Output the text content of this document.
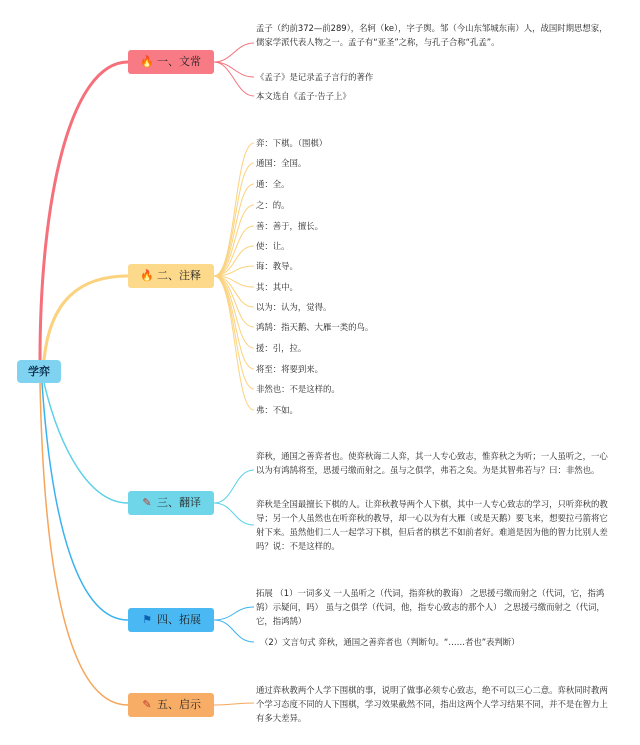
学弈
🔥 一、文常
🔥 二、注释
✎ 三、翻译
⚑ 四、拓展
✎ 五、启示
孟子（约前372—前289），名轲（ke），字子舆。邹（今山东邹城东南）人，战国时期思想家，儒家学派代表人物之一。孟子有“亚圣”之称，与孔子合称“孔孟”。
《孟子》是记录孟子言行的著作
本文选自《孟子·告子上》
弈：下棋。（围棋）
通国：全国。
通：全。
之：的。
善：善于，擅长。
使：让。
诲：教导。
其：其中。
以为：认为，觉得。
鸿鹄：指天鹅、大雁一类的鸟。
援：引，拉。
将至：将要到来。
非然也：不是这样的。
弗：不如。
弈秋，通国之善弈者也。使弈秋诲二人弈，其一人专心致志，惟弈秋之为听；一人虽听之，一心以为有鸿鹄将至，思援弓缴而射之。虽与之俱学，弗若之矣。为是其智弗若与？曰：非然也。
弈秋是全国最擅长下棋的人。让弈秋教导两个人下棋，其中一人专心致志的学习，只听弈秋的教导；另一个人虽然也在听弈秋的教导，却一心以为有大雁（或是天鹅）要飞来，想要拉弓箭将它射下来。虽然他们二人一起学习下棋，但后者的棋艺不如前者好。难道是因为他的智力比别人差吗？说：不是这样的。
拓展 （1）一词多义 一人虽听之（代词，指弈秋的教诲） 之思援弓缴而射之（代词，它，指鸿鹄）示疑问，吗） 虽与之俱学（代词，他，指专心致志的那个人） 之思援弓缴而射之（代词，它，指鸿鹄）
（2）文言句式 弈秋，通国之善弈者也（判断句。“……者也”表判断）
通过弈秋教两个人学下围棋的事，说明了做事必须专心致志，绝不可以三心二意。弈秋同时教两个学习态度不同的人下围棋，学习效果截然不同，指出这两个人学习结果不同，并不是在智力上有多大差异。
